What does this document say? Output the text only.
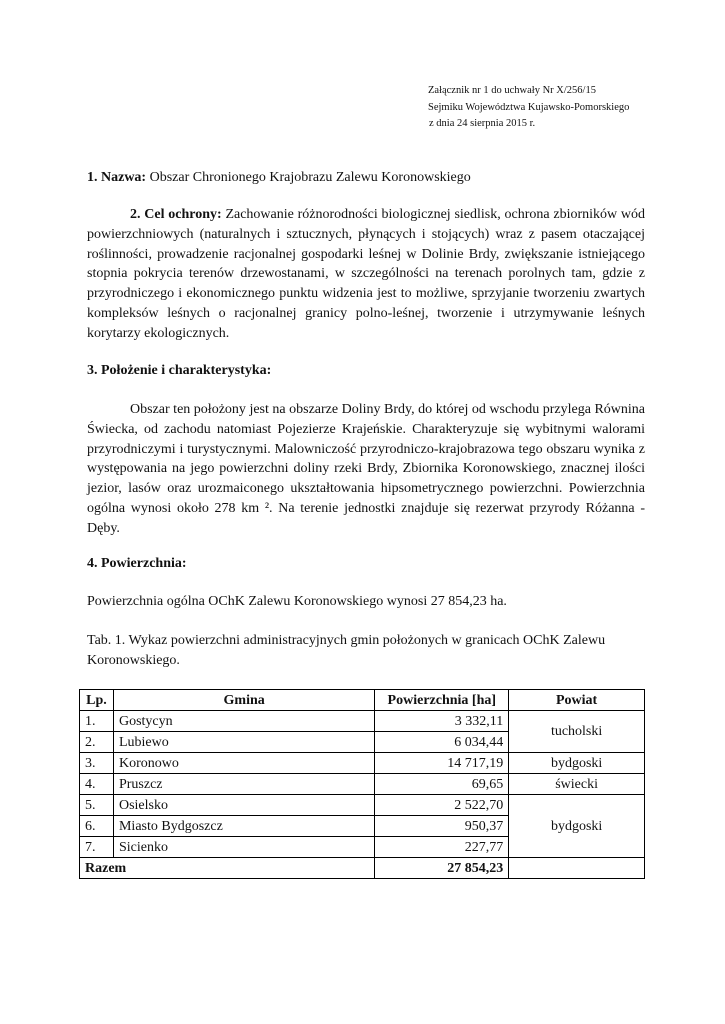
Załącznik nr 1 do uchwały Nr X/256/15
Sejmiku Województwa Kujawsko-Pomorskiego
z dnia 24 sierpnia 2015 r.
1. Nazwa: Obszar Chronionego Krajobrazu Zalewu Koronowskiego
2. Cel ochrony: Zachowanie różnorodności biologicznej siedlisk, ochrona zbiorników wód powierzchniowych (naturalnych i sztucznych, płynących i stojących) wraz z pasem otaczającej roślinności, prowadzenie racjonalnej gospodarki leśnej w Dolinie Brdy, zwiększanie istniejącego stopnia pokrycia terenów drzewostanami, w szczególności na terenach porolnych tam, gdzie z przyrodniczego i ekonomicznego punktu widzenia jest to możliwe, sprzyjanie tworzeniu zwartych kompleksów leśnych o racjonalnej granicy polno-leśnej, tworzenie i utrzymywanie leśnych korytarzy ekologicznych.
3. Położenie i charakterystyka:
Obszar ten położony jest na obszarze Doliny Brdy, do której od wschodu przylega Równina Świecka, od zachodu natomiast Pojezierze Krajeńskie. Charakteryzuje się wybitnymi walorami przyrodniczymi i turystycznymi. Malowniczość przyrodniczo-krajobrazowa tego obszaru wynika z występowania na jego powierzchni doliny rzeki Brdy, Zbiornika Koronowskiego, znacznej ilości jezior, lasów oraz urozmaiconego ukształtowania hipsometrycznego powierzchni. Powierzchnia ogólna wynosi około 278 km ². Na terenie jednostki znajduje się rezerwat przyrody Różanna - Dęby.
4. Powierzchnia:
Powierzchnia ogólna OChK Zalewu Koronowskiego wynosi 27 854,23 ha.
Tab. 1. Wykaz powierzchni administracyjnych gmin położonych w granicach OChK Zalewu Koronowskiego.
Lp.	Gmina	Powierzchnia [ha]	Powiat
1.	Gostycyn	3 332,11	tucholski
2.	Lubiewo	6 034,44	
3.	Koronowo	14 717,19	bydgoski
4.	Pruszcz	69,65	świecki
5.	Osielsko	2 522,70	bydgoski
6.	Miasto Bydgoszcz	950,37	
7.	Sicienko	227,77	
Razem		27 854,23	
